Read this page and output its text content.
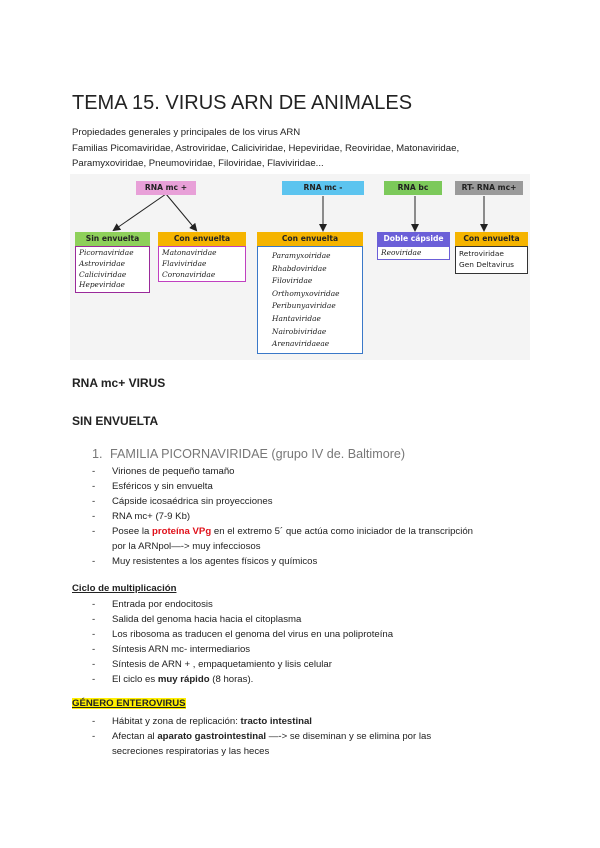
TEMA 15. VIRUS ARN DE ANIMALES
Propiedades generales y principales de los virus ARN
Familias Picomaviridae, Astroviridae, Caliciviridae, Hepeviridae, Reoviridae, Matonaviridae,
Paramyxoviridae, Pneumoviridae, Filoviridae, Flaviviridae...
RNA mc +	RNA mc -	RNA bc	RT- RNA mc+
Sin envuelta	Con envuelta	Con envuelta	Doble cápside	Con envuelta
Picornaviridae
Astroviridae
Caliciviridae
Hepeviridae
Matonaviridae
Flaviviridae
Coronaviridae
Paramyxoiridae
Rhabdoviridae
Filoviridae
Orthomyxoviridae
Peribunyaviridae
Hantaviridae
Nairobiviridae
Arenaviridaeae
Reoviridae	Retroviridae
Gen Deltavirus
RNA mc+ VIRUS
SIN ENVUELTA
1. FAMILIA PICORNAVIRIDAE (grupo IV de. Baltimore)
- Viriones de pequeño tamaño
- Esféricos y sin envuelta
- Cápside icosaédrica sin proyecciones
- RNA mc+ (7-9 Kb)
- Posee la proteína VPg en el extremo 5´ que actúa como iniciador de la transcripción
por la ARNpol—-> muy infecciosos
- Muy resistentes a los agentes físicos y químicos
Ciclo de multiplicación
- Entrada por endocitosis
- Salida del genoma hacia hacia el citoplasma
- Los ribosoma as traducen el genoma del virus en una poliproteína
- Síntesis ARN mc- intermediarios
- Síntesis de ARN + , empaquetamiento y lisis celular
- El ciclo es muy rápido (8 horas).
GÉNERO ENTEROVIRUS
- Hábitat y zona de replicación: tracto intestinal
- Afectan al aparato gastrointestinal —-> se diseminan y se elimina por las
secreciones respiratorias y las heces
